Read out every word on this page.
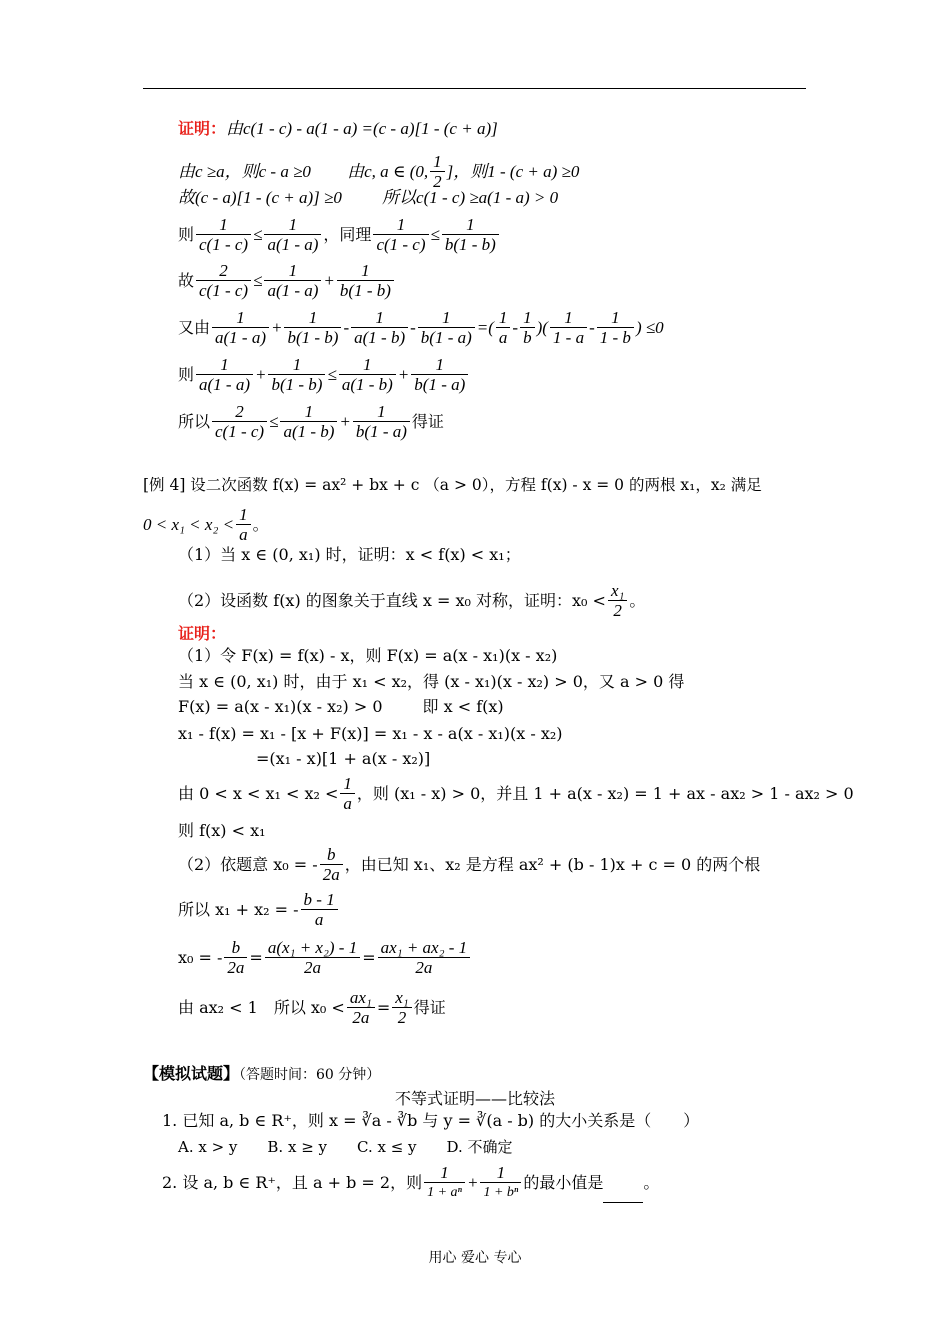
证明：由c(1 - c) - a(1 - a) =(c - a)[1 - (c + a)]
由c ≥a，则c - a ≥0 由c, a ∈ (0, $\frac{1}{2}$ ]，则1 - (c + a) ≥0
故(c - a)[1 - (c + a)] ≥0 所以c(1 - c) ≥a(1 - a) > 0
则 $\frac{1}{c(1 - c)} \le \frac{1}{a(1 - a)}$ ，同理 $\frac{1}{c(1 - c)} \le \frac{1}{b(1 - b)}$
故 $\frac{2}{c(1 - c)} \le \frac{1}{a(1 - a)} + \frac{1}{b(1 - b)}$
又由 $\frac{1}{a(1 - a)} + \frac{1}{b(1 - b)} - \frac{1}{a(1 - b)} - \frac{1}{b(1 - a)}$ =( $\frac{1}{a} - \frac{1}{b}$ )( $\frac{1}{1 - a} - \frac{1}{1 - b}$ ) ≤0
则 $\frac{1}{a(1 - a)} + \frac{1}{b(1 - b)} \le \frac{1}{a(1 - b)} + \frac{1}{b(1 - a)}$
所以 $\frac{2}{c(1 - c)} \le \frac{1}{a(1 - b)} + \frac{1}{b(1 - a)}$ 得证
[例 4] 设二次函数 f(x) = ax² + bx + c （a > 0），方程 f(x) - x = 0 的两根 x₁，x₂ 满足
$0 < x_1 < x_2 < \frac{1}{a}$ 。
（1）当 x ∈ (0, x₁) 时，证明：x < f(x) < x₁；
（2）设函数 f(x) 的图象关于直线 x = x₀ 对称，证明：$x_0 < \frac{\text{x₁}}{2}$ 。
证明：
（1）令 F(x) = f(x) - x，则 F(x) = a(x - x₁)(x - x₂)
当 x ∈ (0, x₁) 时，由于 x₁ < x₂，得 (x - x₁)(x - x₂) > 0，又 a > 0 得
F(x) = a(x - x₁)(x - x₂) > 0	即 x < f(x)
x₁ - f(x) = x₁ - [x + F(x)] = x₁ - x - a(x - x₁)(x - x₂)
=(x₁ - x)[1 + a(x - x₂)]
由 $0 < x < x_1 < x_2 < \frac{1}{a}$ ，则 (x₁ - x) > 0，并且 1 + a(x - x₂) = 1 + ax - ax₂ > 1 - ax₂ > 0
则 f(x) < x₁
（2）依题意 x₀ = - $\frac{b}{2a}$ ，由已知 x₁、x₂ 是方程 ax² + (b - 1)x + c = 0 的两个根
所以 x₁ + x₂ = - $\frac{b - 1}{a}$
x₀ = - $\frac{b}{2a} = \frac{\text{a(x₁ + x₂) - 1}}{2a} = \frac{\text{ax₁ + ax₂ - 1}}{2a}$
由 ax₂ < 1　所以 $x_0 < \frac{\text{ax₁}}{2a} = \frac{\text{x₁}}{2}$ 得证
【模拟试题】（答题时间：60 分钟）
不等式证明——比较法
1. 已知 a, b ∈ R⁺，则 x = ∛a - ∛b 与 y = ∛(a - b) 的大小关系是（　　）
A. x > y　　B. x ≥ y　　C. x ≤ y　　D. 不确定
2. 设 a, b ∈ R⁺，且 a + b = 2，则 $\frac{1}{\text{1 + aⁿ}} + \frac{1}{\text{1 + bⁿ}}$ 的最小值是	。
用心 爱心 专心
